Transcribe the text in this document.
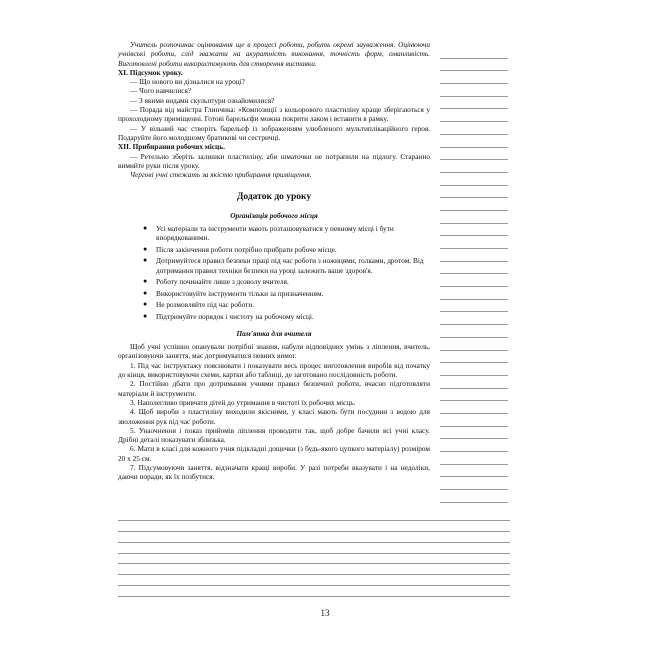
Учитель розпочинає оцінювання ще в процесі роботи, робить окремі зауваження. Оцінюючи учнівські роботи, слід зважати на акуратність виконання, точність форм, оманливість. Виготовлені роботи використовують для створення виставки.

XI. Підсумок уроку.

— Що нового ви дізналися на уроці?

— Чого навчилися?

— З якими видами скульптури ознайомилися?

— Порада від майстра Глинчика: «Композиції з кольорового пластиліну краще зберігаються у прохолодному приміщенні. Готові барельєфи можна покрити лаком і вставити в рамку.

— У вільний час створіть барельєф із зображенням улюбленого мультиплікаційного героя. Подаруйте його молодшому братикові чи сестричці.

XII. Прибирання робочих місць.

— Ретельно зберіть залишки пластиліну, аби шматочки не потрапили на підлогу. Старанно вимийте руки після уроку.

Черговi учні стежать за якістю прибирання приміщення.

Додаток до уроку

Організація робочого місця

● Усі матеріали та інструменти мають розташовуватися у певному місці і бути впорядкованими.
● Після закінчення роботи потрібно прибрати робоче місце.
● Дотримуйтеся правил безпеки праці під час роботи з ножицями, голками, дротом. Від дотримання правил техніки безпеки на уроці залежить ваше здоров'я.
● Роботу починайте лише з дозволу вчителя.
● Використовуйте інструменти тільки за призначенням.
● Не розмовляйте під час роботи.
● Підтримуйте порядок і чистоту на робочому місці.

Пам'ятка для вчителя

Щоб учні успішно опанували потрібні знання, набули відповідних умінь з ліплення, вчитель, організовуючи заняття, має дотримуватися певних вимог.

1. Під час інструктажу пояснювати і показувати весь процес виготовлення виробів від початку до кінця, використовуючи схеми, картки або таблиці, де заготовано послідовність роботи.

2. Постійно дбати про дотримання учнями правил безпечної роботи, вчасно підготовляти матеріали й інструменти.

3. Наполегливо привчати дітей до утримання в чистоті їх робочих місць.

4. Щоб вироби з пластиліну виходили якісними, у класі мають бути посудини з водою для зволоження рук під час роботи.

5. Унаочнення і показ прийомів ліплення проводити так, щоб добре бачили всі учні класу. Дрібні деталі показувати зблизька.

6. Мати в класі для кожного учня підкладні дощечки (з будь-якого цупкого матеріалу) розміром 20 х 25 см.

7. Підсумовуючи заняття, відзначати кращі вироби. У разі потреби вказувати і на недоліки, даючи поради, як їх позбутися.

13
